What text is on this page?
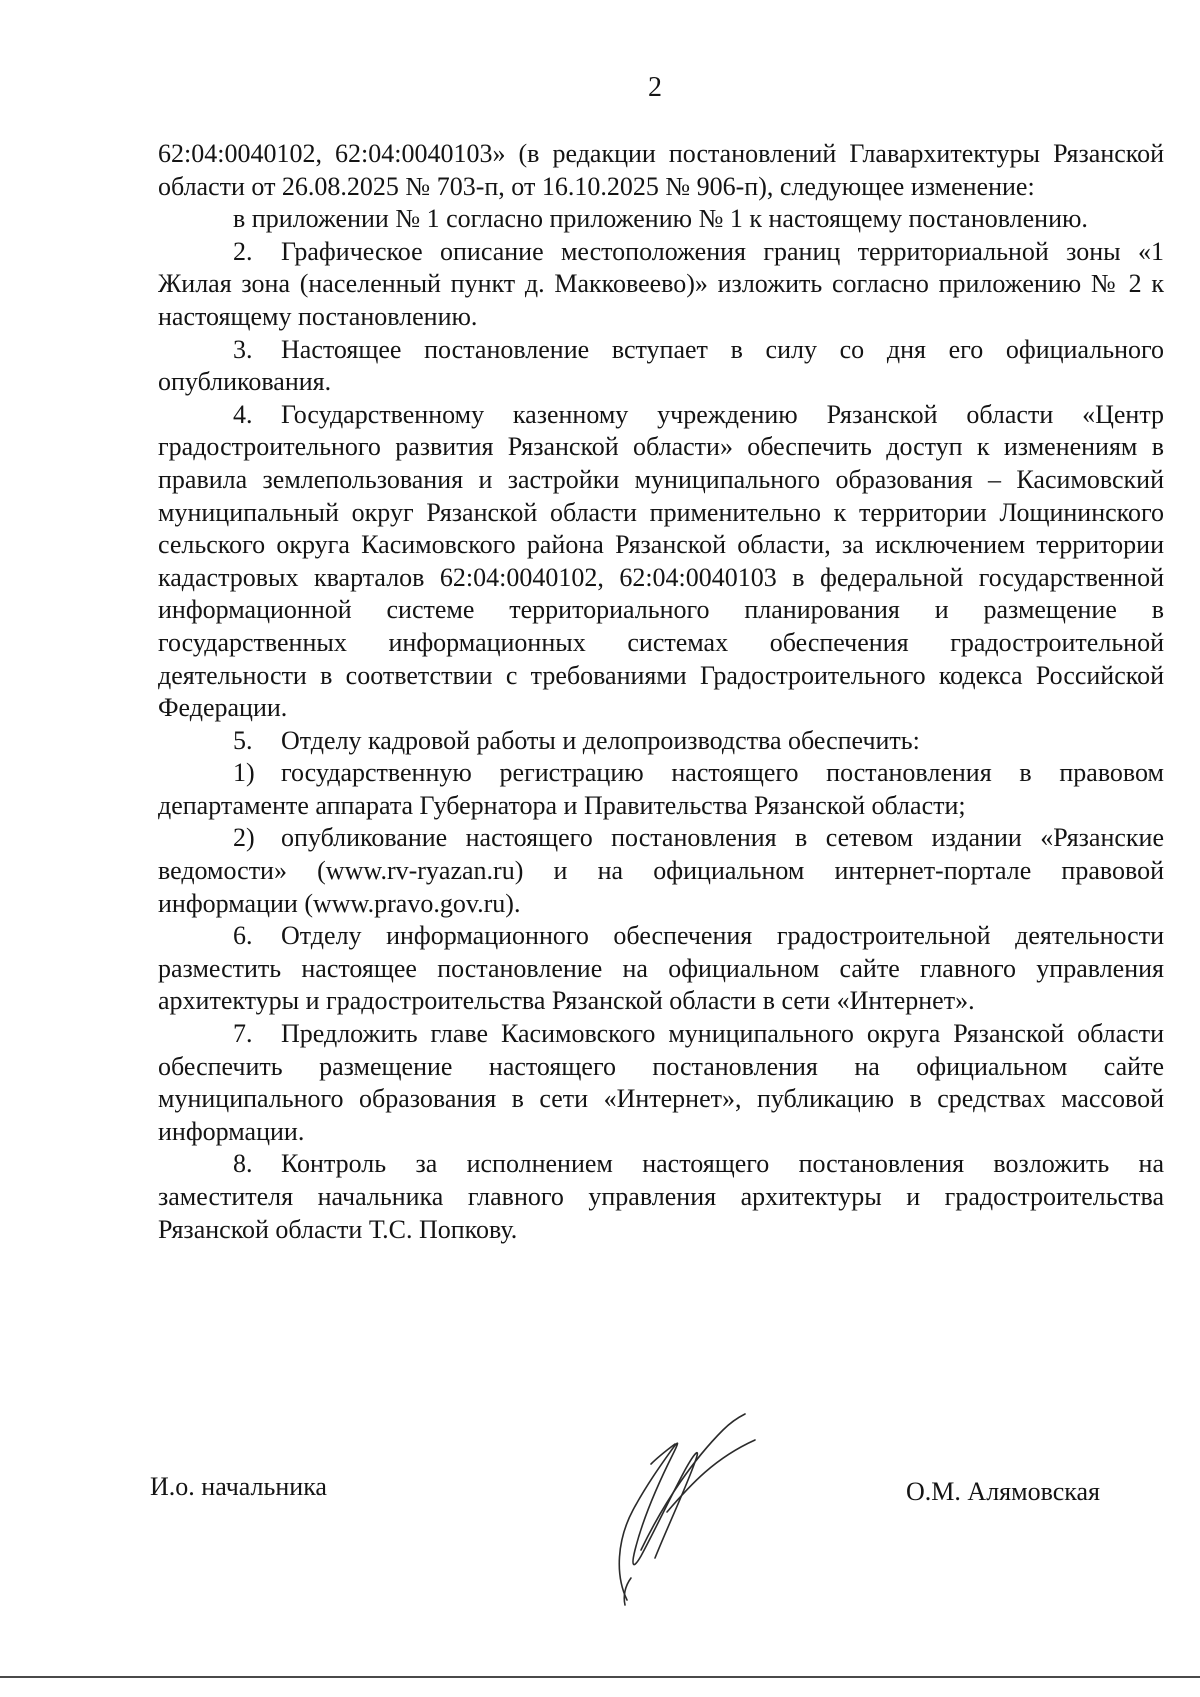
2

62:04:0040102, 62:04:0040103» (в редакции постановлений Главархитектуры Рязанской области от 26.08.2025 № 703-п, от 16.10.2025 № 906-п), следующее изменение:

в приложении № 1 согласно приложению № 1 к настоящему постановлению.

2. Графическое описание местоположения границ территориальной зоны «1 Жилая зона (населенный пункт д. Макковеево)» изложить согласно приложению № 2 к настоящему постановлению.

3. Настоящее постановление вступает в силу со дня его официального опубликования.

4. Государственному казенному учреждению Рязанской области «Центр градостроительного развития Рязанской области» обеспечить доступ к изменениям в правила землепользования и застройки муниципального образования – Касимовский муниципальный округ Рязанской области применительно к территории Лощининского сельского округа Касимовского района Рязанской области, за исключением территории кадастровых кварталов 62:04:0040102, 62:04:0040103 в федеральной государственной информационной системе территориального планирования и размещение в государственных информационных системах обеспечения градостроительной деятельности в соответствии с требованиями Градостроительного кодекса Российской Федерации.

5. Отделу кадровой работы и делопроизводства обеспечить:

1) государственную регистрацию настоящего постановления в правовом департаменте аппарата Губернатора и Правительства Рязанской области;

2) опубликование настоящего постановления в сетевом издании «Рязанские ведомости» (www.rv-ryazan.ru) и на официальном интернет-портале правовой информации (www.pravo.gov.ru).

6. Отделу информационного обеспечения градостроительной деятельности разместить настоящее постановление на официальном сайте главного управления архитектуры и градостроительства Рязанской области в сети «Интернет».

7. Предложить главе Касимовского муниципального округа Рязанской области обеспечить размещение настоящего постановления на официальном сайте муниципального образования в сети «Интернет», публикацию в средствах массовой информации.

8. Контроль за исполнением настоящего постановления возложить на заместителя начальника главного управления архитектуры и градостроительства Рязанской области Т.С. Попкову.

И.о. начальника	О.М. Алямовская
